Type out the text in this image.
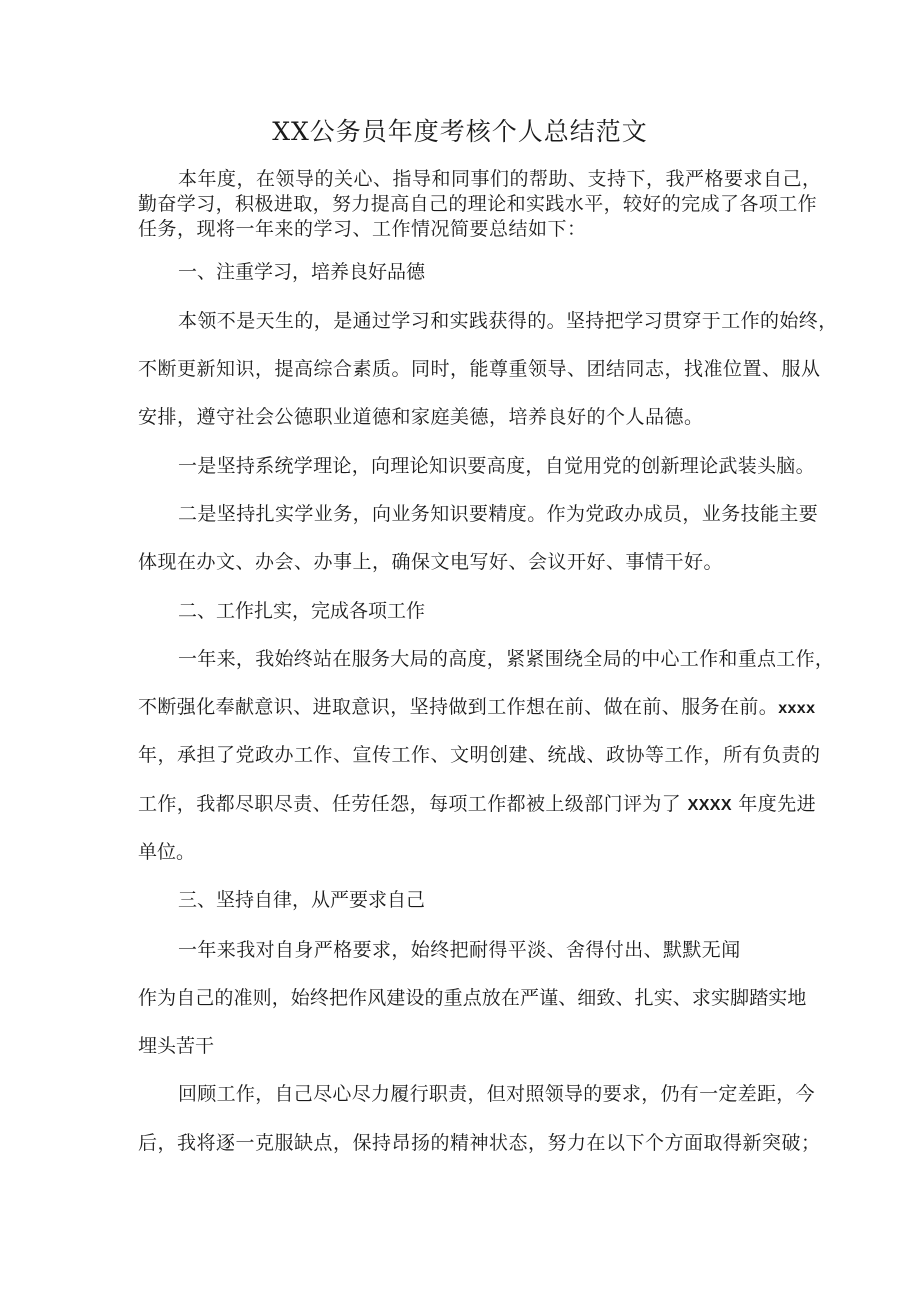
XX公务员年度考核个人总结范文
本年度，在领导的关心、指导和同事们的帮助、支持下，我严格要求自己，
勤奋学习，积极进取，努力提高自己的理论和实践水平，较好的完成了各项工作
任务，现将一年来的学习、工作情况简要总结如下：
一、注重学习，培养良好品德
本领不是天生的，是通过学习和实践获得的。坚持把学习贯穿于工作的始终，
不断更新知识，提高综合素质。同时，能尊重领导、团结同志，找准位置、服从
安排，遵守社会公德职业道德和家庭美德，培养良好的个人品德。
一是坚持系统学理论，向理论知识要高度，自觉用党的创新理论武装头脑。
二是坚持扎实学业务，向业务知识要精度。作为党政办成员，业务技能主要
体现在办文、办会、办事上，确保文电写好、会议开好、事情干好。
二、工作扎实，完成各项工作
一年来，我始终站在服务大局的高度，紧紧围绕全局的中心工作和重点工作，
不断强化奉献意识、进取意识，坚持做到工作想在前、做在前、服务在前。xxxx
年，承担了党政办工作、宣传工作、文明创建、统战、政协等工作，所有负责的
工作，我都尽职尽责、任劳任怨，每项工作都被上级部门评为了 XXXX 年度先进
单位。
三、坚持自律，从严要求自己
一年来我对自身严格要求，始终把耐得平淡、舍得付出、默默无闻
作为自己的准则，始终把作风建设的重点放在严谨、细致、扎实、求实脚踏实地
埋头苦干
回顾工作，自己尽心尽力履行职责，但对照领导的要求，仍有一定差距，今
后，我将逐一克服缺点，保持昂扬的精神状态，努力在以下个方面取得新突破；
